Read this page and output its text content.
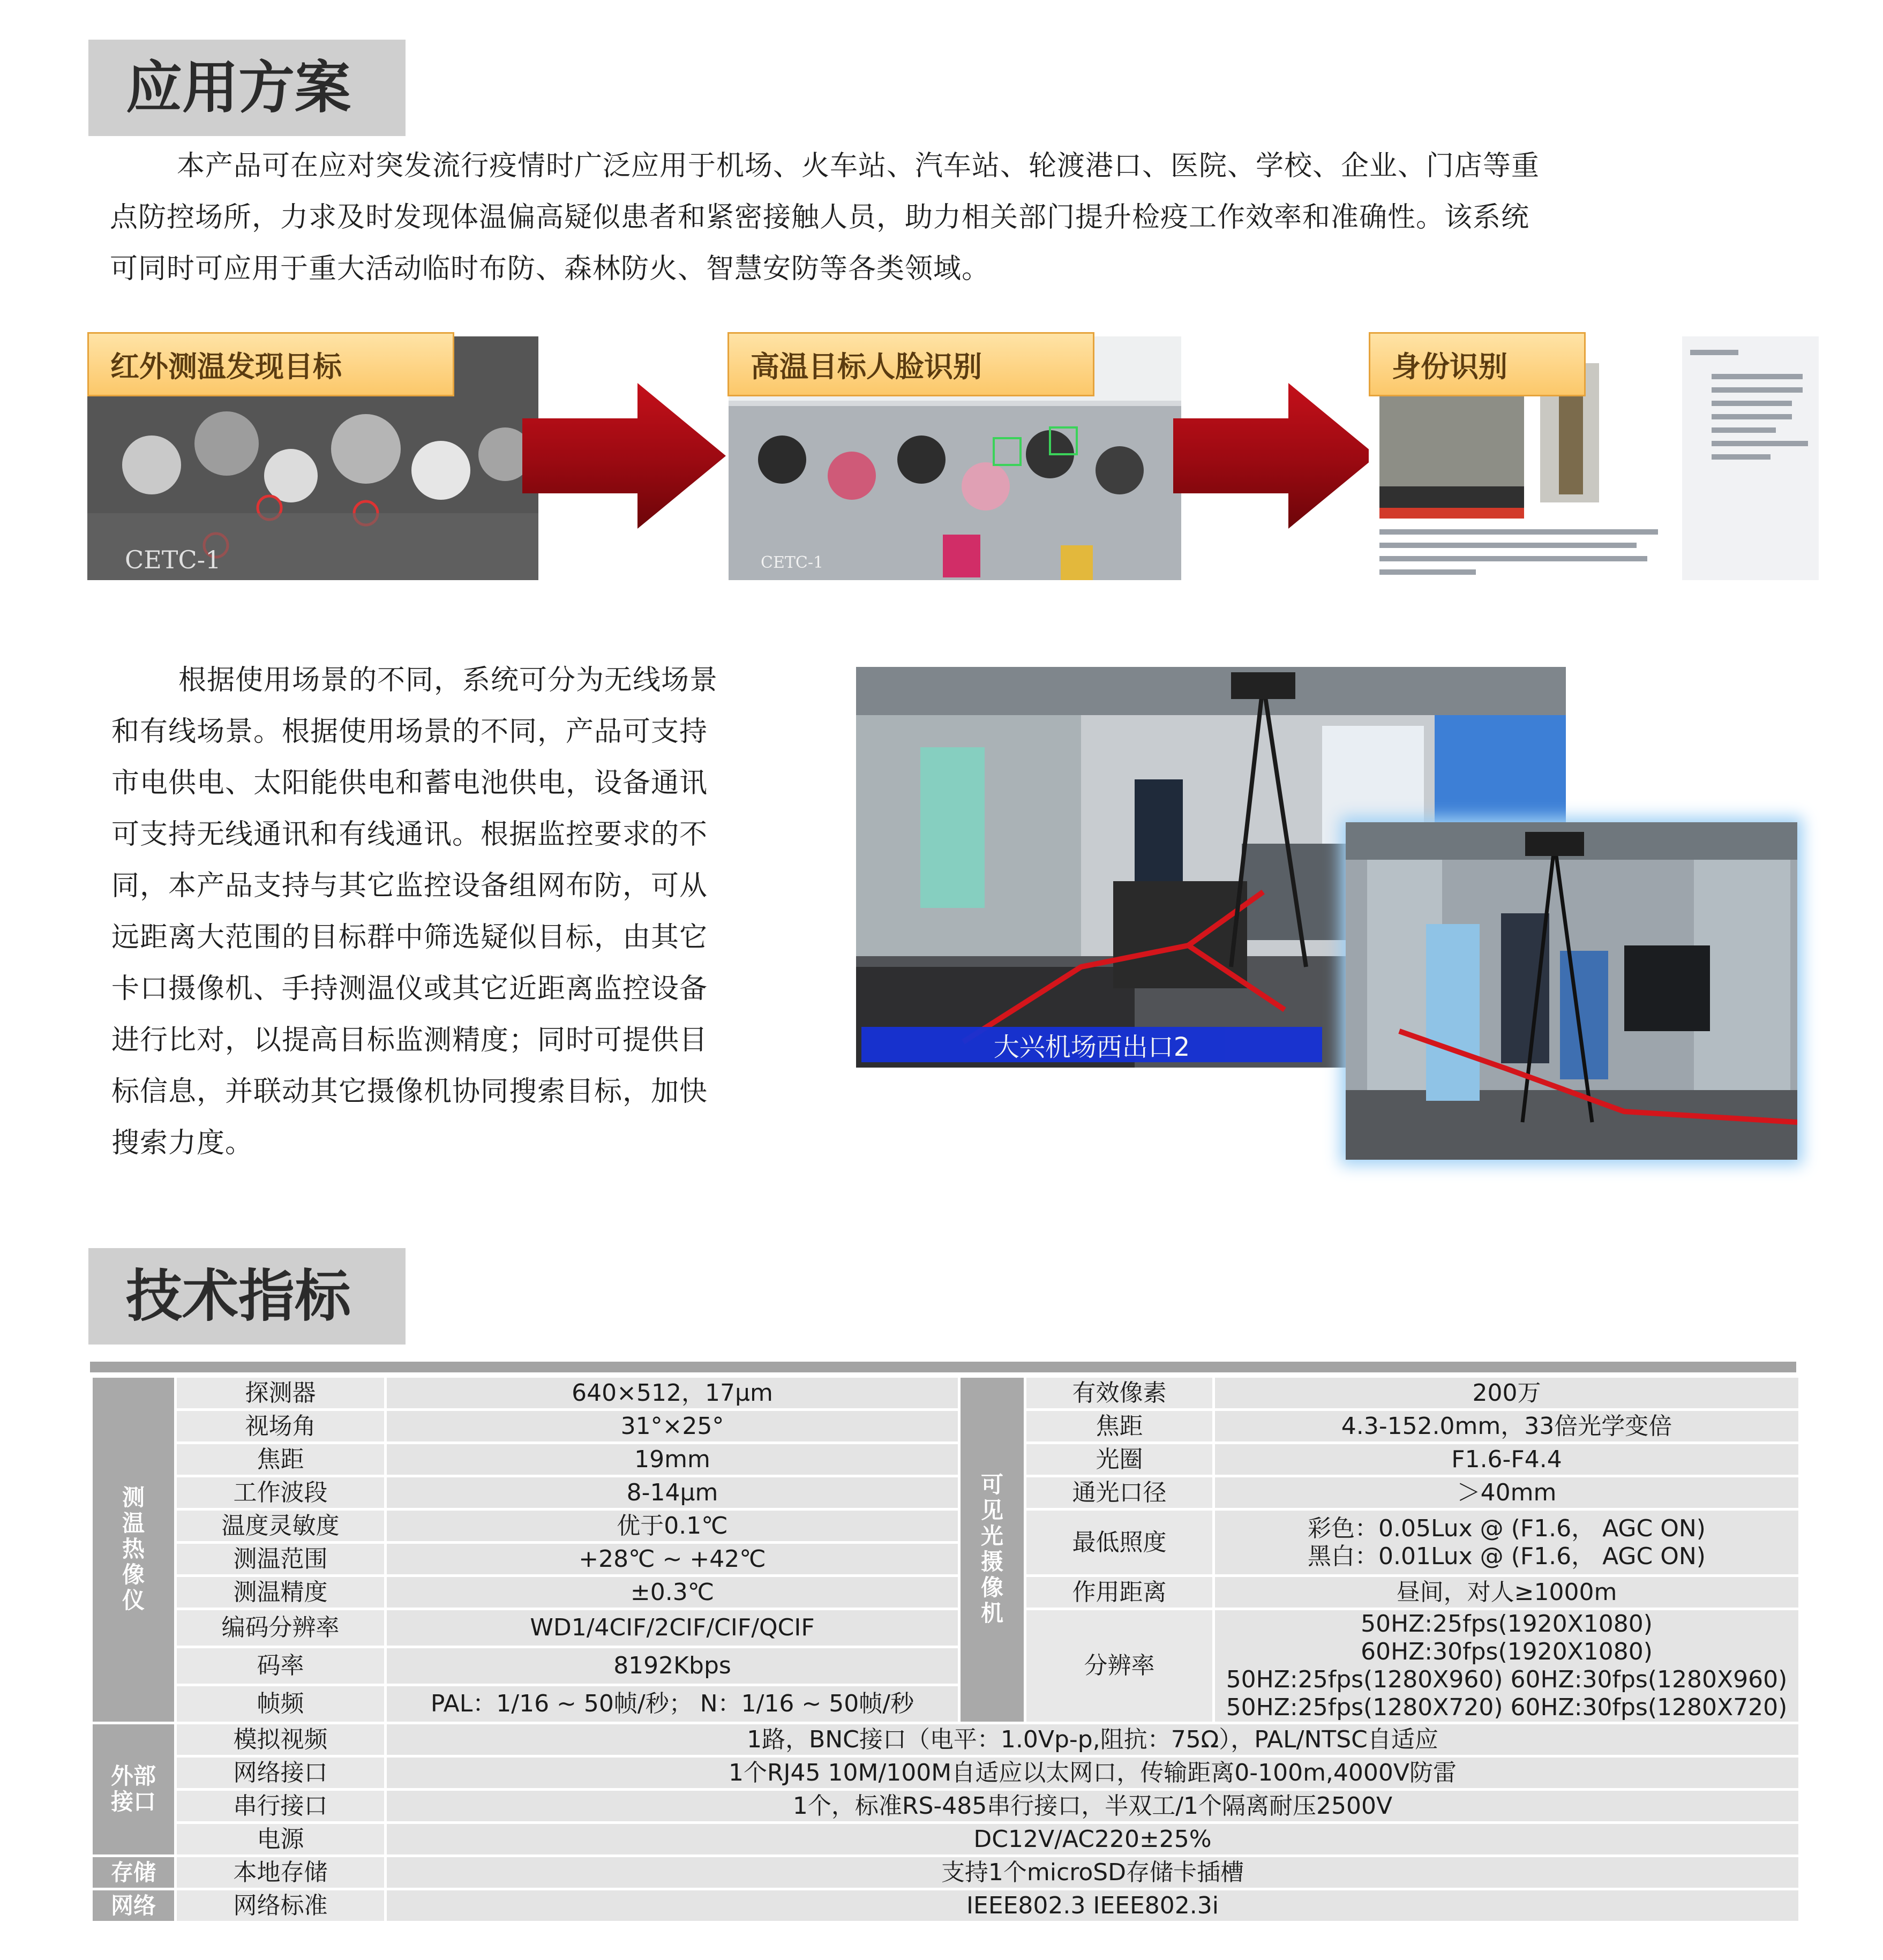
应用方案
本产品可在应对突发流行疫情时广泛应用于机场、火车站、汽车站、轮渡港口、医院、学校、企业、门店等重
点防控场所，力求及时发现体温偏高疑似患者和紧密接触人员，助力相关部门提升检疫工作效率和准确性。该系统
可同时可应用于重大活动临时布防、森林防火、智慧安防等各类领域。
CETC-1
红外测温发现目标
CETC-1
高温目标人脸识别	身份识别
根据使用场景的不同，系统可分为无线场景
和有线场景。根据使用场景的不同，产品可支持
市电供电、太阳能供电和蓄电池供电，设备通讯
可支持无线通讯和有线通讯。根据监控要求的不
同，本产品支持与其它监控设备组网布防，可从
远距离大范围的目标群中筛选疑似目标，由其它
卡口摄像机、手持测温仪或其它近距离监控设备
进行比对，以提高目标监测精度；同时可提供目
标信息，并联动其它摄像机协同搜索目标，加快
搜索力度。
大兴机场西出口2
技术指标
测温热像仪	探测器	640×512，17μm	可见光摄像机	有效像素	200万
	视场角	31°×25°		焦距	4.3-152.0mm，33倍光学变倍
	焦距	19mm		光圈	F1.6-F4.4
	工作波段	8-14μm		通光口径	＞40mm
	温度灵敏度	优于0.1℃		最低照度	彩色：0.05Lux @ (F1.6， AGC ON)
黑白：0.01Lux @ (F1.6， AGC ON)

	测温范围	+28℃ ~ +42℃			
	测温精度	±0.3℃		作用距离	昼间，对人≥1000m
	编码分辨率	WD1/4CIF/2CIF/CIF/QCIF		分辨率	50HZ:25fps(1920X1080) 60HZ:30fps(1920X1080)
50HZ:25fps(1280X960) 60HZ:30fps(1280X960)
50HZ:25fps(1280X720) 60HZ:30fps(1280X720)

	码率	8192Kbps			
	帧频	PAL：1/16 ~ 50帧/秒； N：1/16 ~ 50帧/秒			
外部接口	模拟视频	1路，BNC接口（电平：1.0Vp-p,阻抗：75Ω），PAL/NTSC自适应			
	网络接口	1个RJ45 10M/100M自适应以太网口，传输距离0-100m,4000V防雷			
	串行接口	1个，标准RS-485串行接口，半双工/1个隔离耐压2500V			
	电源	DC12V/AC220±25%			
存储	本地存储	支持1个microSD存储卡插槽			
网络	网络标准	IEEE802.3 IEEE802.3i			
